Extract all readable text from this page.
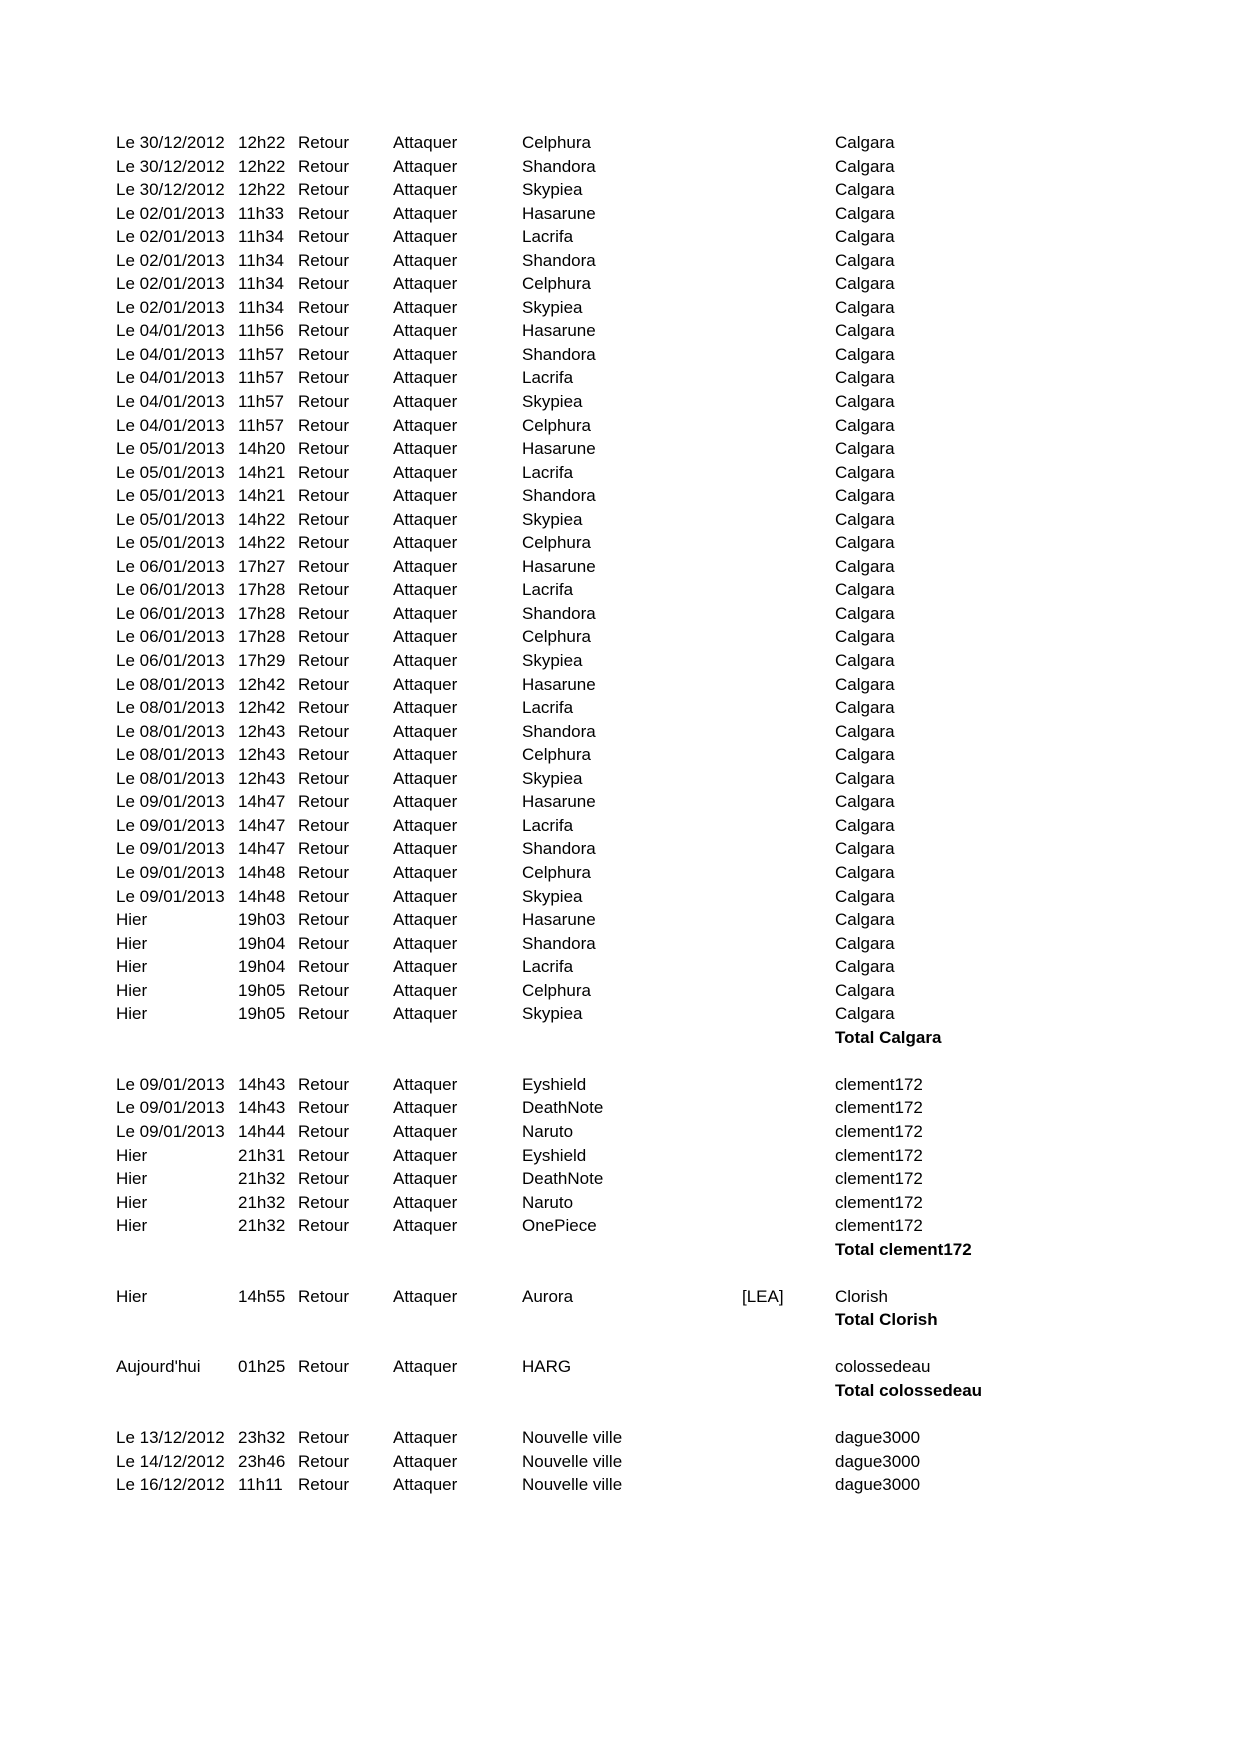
Le 30/12/2012 12h22 Retour	Attaquer	Celphura	Calgara
Le 30/12/2012 12h22 Retour	Attaquer	Shandora	Calgara
Le 30/12/2012 12h22 Retour	Attaquer	Skypiea	Calgara
Le 02/01/2013 11h33 Retour	Attaquer	Hasarune	Calgara
Le 02/01/2013 11h34 Retour	Attaquer	Lacrifa	Calgara
Le 02/01/2013 11h34 Retour	Attaquer	Shandora	Calgara
Le 02/01/2013 11h34 Retour	Attaquer	Celphura	Calgara
Le 02/01/2013 11h34 Retour	Attaquer	Skypiea	Calgara
Le 04/01/2013 11h56 Retour	Attaquer	Hasarune	Calgara
Le 04/01/2013 11h57 Retour	Attaquer	Shandora	Calgara
Le 04/01/2013 11h57 Retour	Attaquer	Lacrifa	Calgara
Le 04/01/2013 11h57 Retour	Attaquer	Skypiea	Calgara
Le 04/01/2013 11h57 Retour	Attaquer	Celphura	Calgara
Le 05/01/2013 14h20 Retour	Attaquer	Hasarune	Calgara
Le 05/01/2013 14h21 Retour	Attaquer	Lacrifa	Calgara
Le 05/01/2013 14h21 Retour	Attaquer	Shandora	Calgara
Le 05/01/2013 14h22 Retour	Attaquer	Skypiea	Calgara
Le 05/01/2013 14h22 Retour	Attaquer	Celphura	Calgara
Le 06/01/2013 17h27 Retour	Attaquer	Hasarune	Calgara
Le 06/01/2013 17h28 Retour	Attaquer	Lacrifa	Calgara
Le 06/01/2013 17h28 Retour	Attaquer	Shandora	Calgara
Le 06/01/2013 17h28 Retour	Attaquer	Celphura	Calgara
Le 06/01/2013 17h29 Retour	Attaquer	Skypiea	Calgara
Le 08/01/2013 12h42 Retour	Attaquer	Hasarune	Calgara
Le 08/01/2013 12h42 Retour	Attaquer	Lacrifa	Calgara
Le 08/01/2013 12h43 Retour	Attaquer	Shandora	Calgara
Le 08/01/2013 12h43 Retour	Attaquer	Celphura	Calgara
Le 08/01/2013 12h43 Retour	Attaquer	Skypiea	Calgara
Le 09/01/2013 14h47 Retour	Attaquer	Hasarune	Calgara
Le 09/01/2013 14h47 Retour	Attaquer	Lacrifa	Calgara
Le 09/01/2013 14h47 Retour	Attaquer	Shandora	Calgara
Le 09/01/2013 14h48 Retour	Attaquer	Celphura	Calgara
Le 09/01/2013 14h48 Retour	Attaquer	Skypiea	Calgara
Hier	19h03 Retour	Attaquer	Hasarune	Calgara
Hier	19h04 Retour	Attaquer	Shandora	Calgara
Hier	19h04 Retour	Attaquer	Lacrifa	Calgara
Hier	19h05 Retour	Attaquer	Celphura	Calgara
Hier	19h05 Retour	Attaquer	Skypiea	Calgara
Total Calgara
Le 09/01/2013 14h43 Retour	Attaquer	Eyshield	clement172
Le 09/01/2013 14h43 Retour	Attaquer	DeathNote	clement172
Le 09/01/2013 14h44 Retour	Attaquer	Naruto	clement172
Hier	21h31 Retour	Attaquer	Eyshield	clement172
Hier	21h32 Retour	Attaquer	DeathNote	clement172
Hier	21h32 Retour	Attaquer	Naruto	clement172
Hier	21h32 Retour	Attaquer	OnePiece	clement172
Total clement172
Hier	14h55 Retour	Attaquer	Aurora	[LEA]	Clorish
Total Clorish
Aujourd'hui 01h25 Retour	Attaquer	HARG	colossedeau
Total colossedeau
Le 13/12/2012 23h32 Retour	Attaquer	Nouvelle ville	dague3000
Le 14/12/2012 23h46 Retour	Attaquer	Nouvelle ville	dague3000
Le 16/12/2012 11h11 Retour	Attaquer	Nouvelle ville	dague3000
